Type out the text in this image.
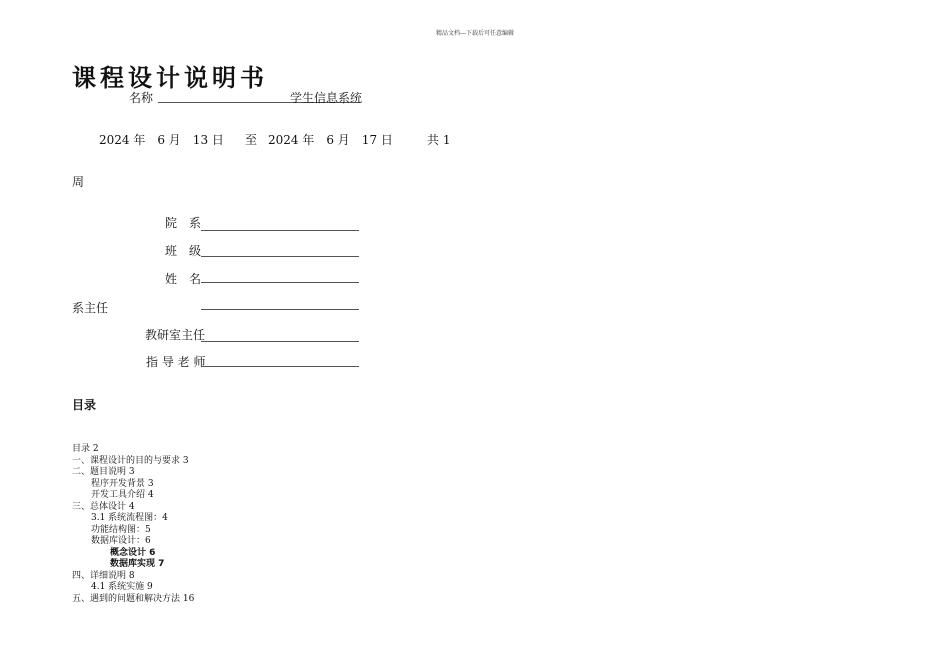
精品文档---下载后可任意编辑
课程设计说明书
名称	学生信息系统
2024 年　6 月　13 日 至 2024 年　6 月　17 日	共 1
周
院　系
班　级
姓　名
系主任
教研室主任
指 导 老 师
目录
目录 2
一、课程设计的目的与要求 3
二、题目说明 3
程序开发背景 3
开发工具介绍 4
三、总体设计 4
3.1 系统流程图：4
功能结构图：5
数据库设计：6
概念设计 6
数据库实现 7
四、详细说明 8
4.1 系统实施 9
五、遇到的问题和解决方法 16
